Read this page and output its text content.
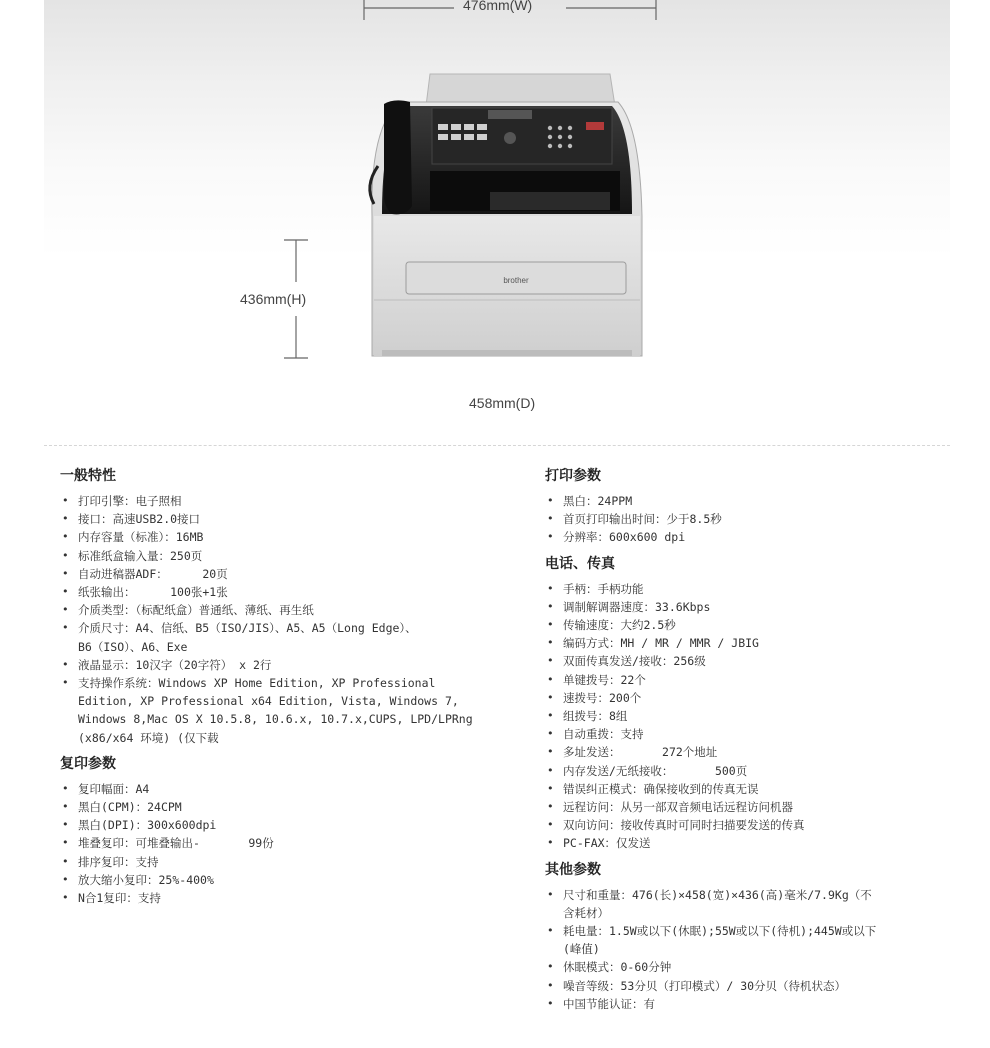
476mm(W)
436mm(H)
458mm(D)
brother
一般特性
• 打印引擎：电子照相
• 接口：高速USB2.0接口
• 内存容量（标准）：16MB
• 标准纸盒输入量：250页
• 自动进稿器ADF：     20页
• 纸张输出：     100张+1张
• 介质类型：（标配纸盒）普通纸、薄纸、再生纸
• 介质尺寸：A4、信纸、B5（ISO/JIS）、A5、A5（Long Edge）、
B6（ISO）、A6、Exe
• 液晶显示：10汉字（20字符） x 2行
• 支持操作系统：Windows XP Home Edition, XP Professional
Edition, XP Professional x64 Edition, Vista, Windows 7,
Windows 8,Mac OS X 10.5.8, 10.6.x, 10.7.x,CUPS, LPD/LPRng
(x86/x64 环境) (仅下载
复印参数
• 复印幅面：A4
• 黑白(CPM)：24CPM
• 黑白(DPI)：300x600dpi
• 堆叠复印：可堆叠输出-       99份
• 排序复印：支持
• 放大缩小复印：25%-400%
• N合1复印：支持
打印参数
• 黑白：24PPM
• 首页打印输出时间：少于8.5秒
• 分辨率：600x600 dpi
电话、传真
• 手柄：手柄功能
• 调制解调器速度：33.6Kbps
• 传输速度：大约2.5秒
• 编码方式：MH / MR / MMR / JBIG
• 双面传真发送/接收：256级
• 单键拨号：22个
• 速拨号：200个
• 组拨号：8组
• 自动重拨：支持
• 多址发送：      272个地址
• 内存发送/无纸接收：      500页
• 错误纠正模式：确保接收到的传真无误
• 远程访问：从另一部双音频电话远程访问机器
• 双向访问：接收传真时可同时扫描要发送的传真
• PC-FAX：仅发送
其他参数
• 尺寸和重量：476(长)×458(宽)×436(高)毫米/7.9Kg（不
含耗材）
• 耗电量：1.5W或以下(休眠);55W或以下(待机);445W或以下
(峰值)
• 休眠模式：0-60分钟
• 噪音等级：53分贝（打印模式）/ 30分贝（待机状态）
• 中国节能认证：有
